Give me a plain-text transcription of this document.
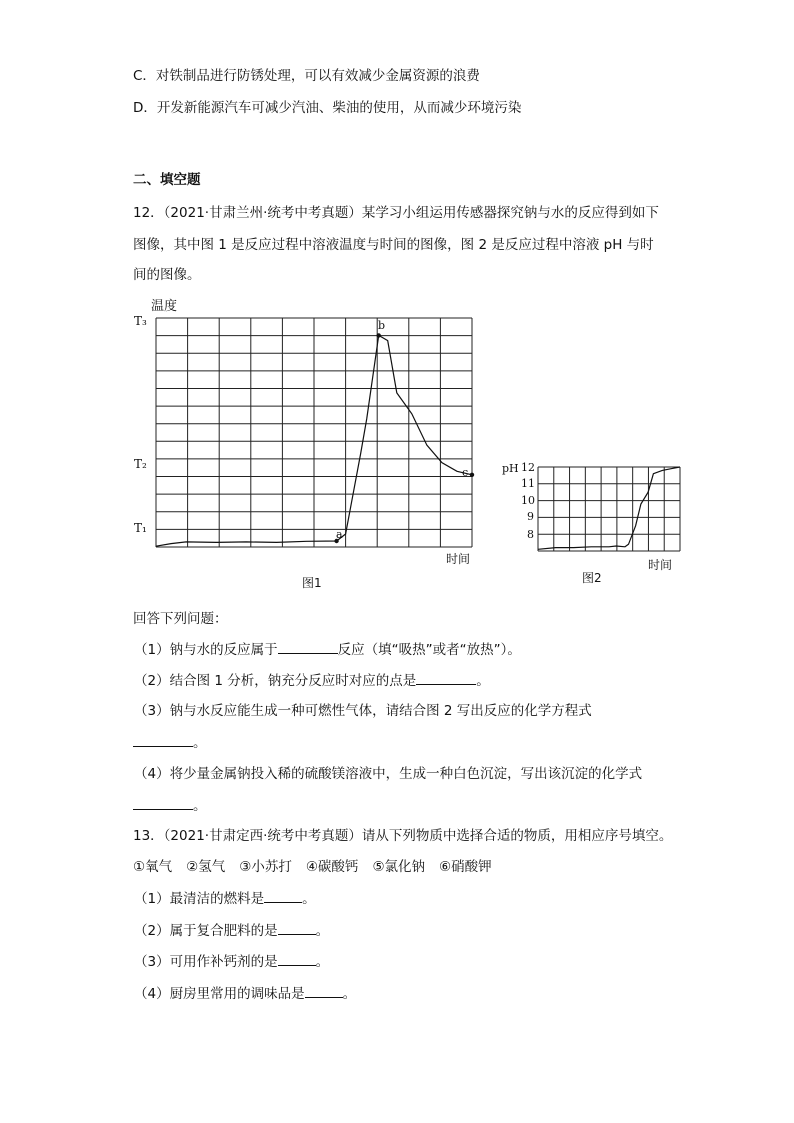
C．对铁制品进行防锈处理，可以有效减少金属资源的浪费
D．开发新能源汽车可减少汽油、柴油的使用，从而减少环境污染
二、填空题
12．（2021·甘肃兰州·统考中考真题）某学习小组运用传感器探究钠与水的反应得到如下
图像，其中图 1 是反应过程中溶液温度与时间的图像，图 2 是反应过程中溶液 pH 与时
间的图像。
温度
T₃
T₂
T₁	a
b
c
时间
图1
pH 12
11
10
9
8
时间
图2
回答下列问题：
（1）钠与水的反应属于	反应（填“吸热”或者“放热”）。
（2）结合图 1 分析，钠充分反应时对应的点是	。
（3）钠与水反应能生成一种可燃性气体，请结合图 2 写出反应的化学方程式
。
（4）将少量金属钠投入稀的硫酸镁溶液中，生成一种白色沉淀，写出该沉淀的化学式
。
13．（2021·甘肃定西·统考中考真题）请从下列物质中选择合适的物质，用相应序号填空。
①氧气 ②氢气 ③小苏打 ④碳酸钙 ⑤氯化钠 ⑥硝酸钾
（1）最清洁的燃料是	。
（2）属于复合肥料的是	。
（3）可用作补钙剂的是	。
（4）厨房里常用的调味品是	。
